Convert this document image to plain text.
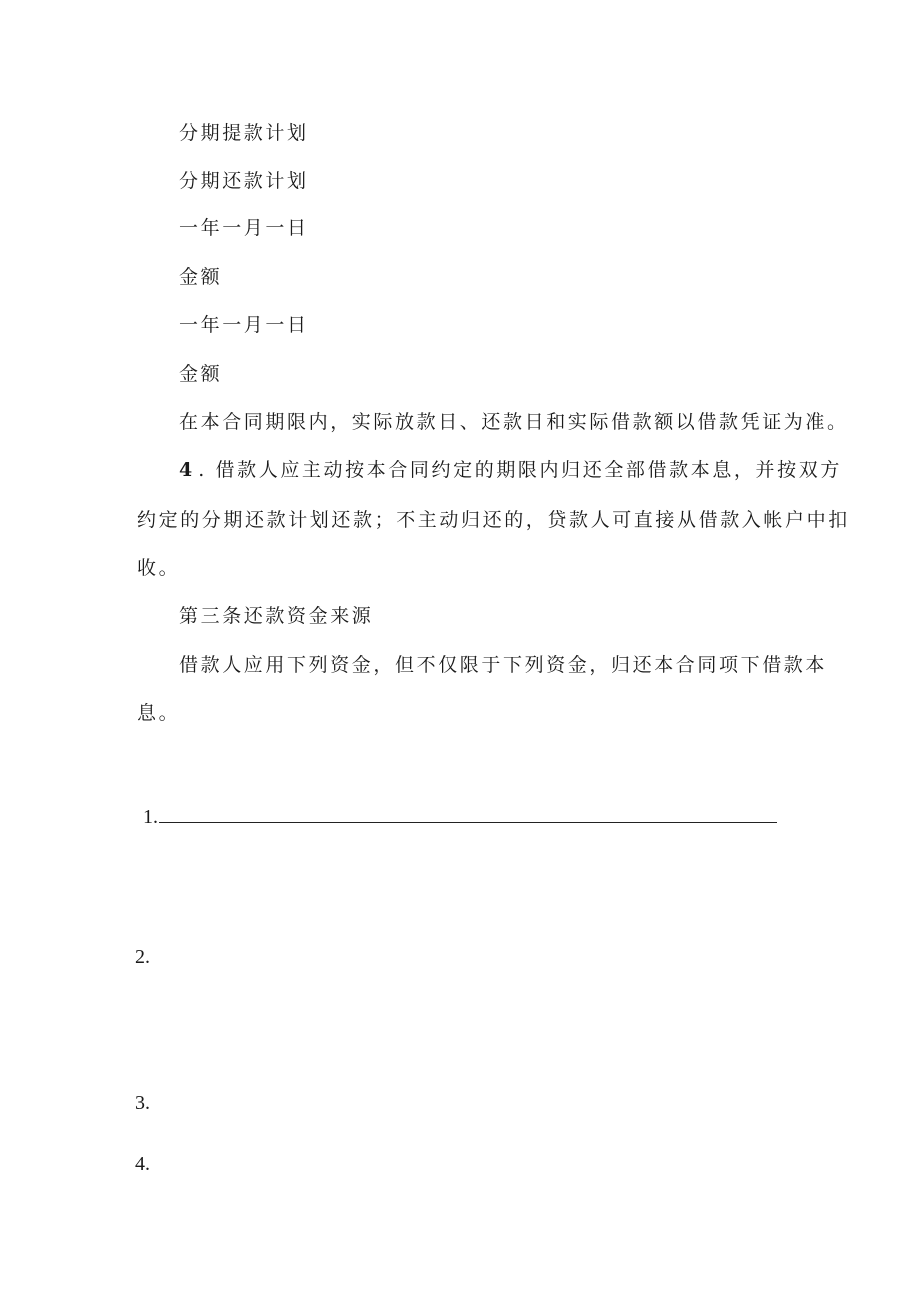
分期提款计划
分期还款计划
一年一月一日
金额
一年一月一日
金额
在本合同期限内，实际放款日、还款日和实际借款额以借款凭证为准。
4 . 借款人应主动按本合同约定的期限内归还全部借款本息，并按双方
约定的分期还款计划还款；不主动归还的，贷款人可直接从借款入帐户中扣
收。
第三条还款资金来源
借款人应用下列资金，但不仅限于下列资金，归还本合同项下借款本
息。
1.
2.
3.
4.
